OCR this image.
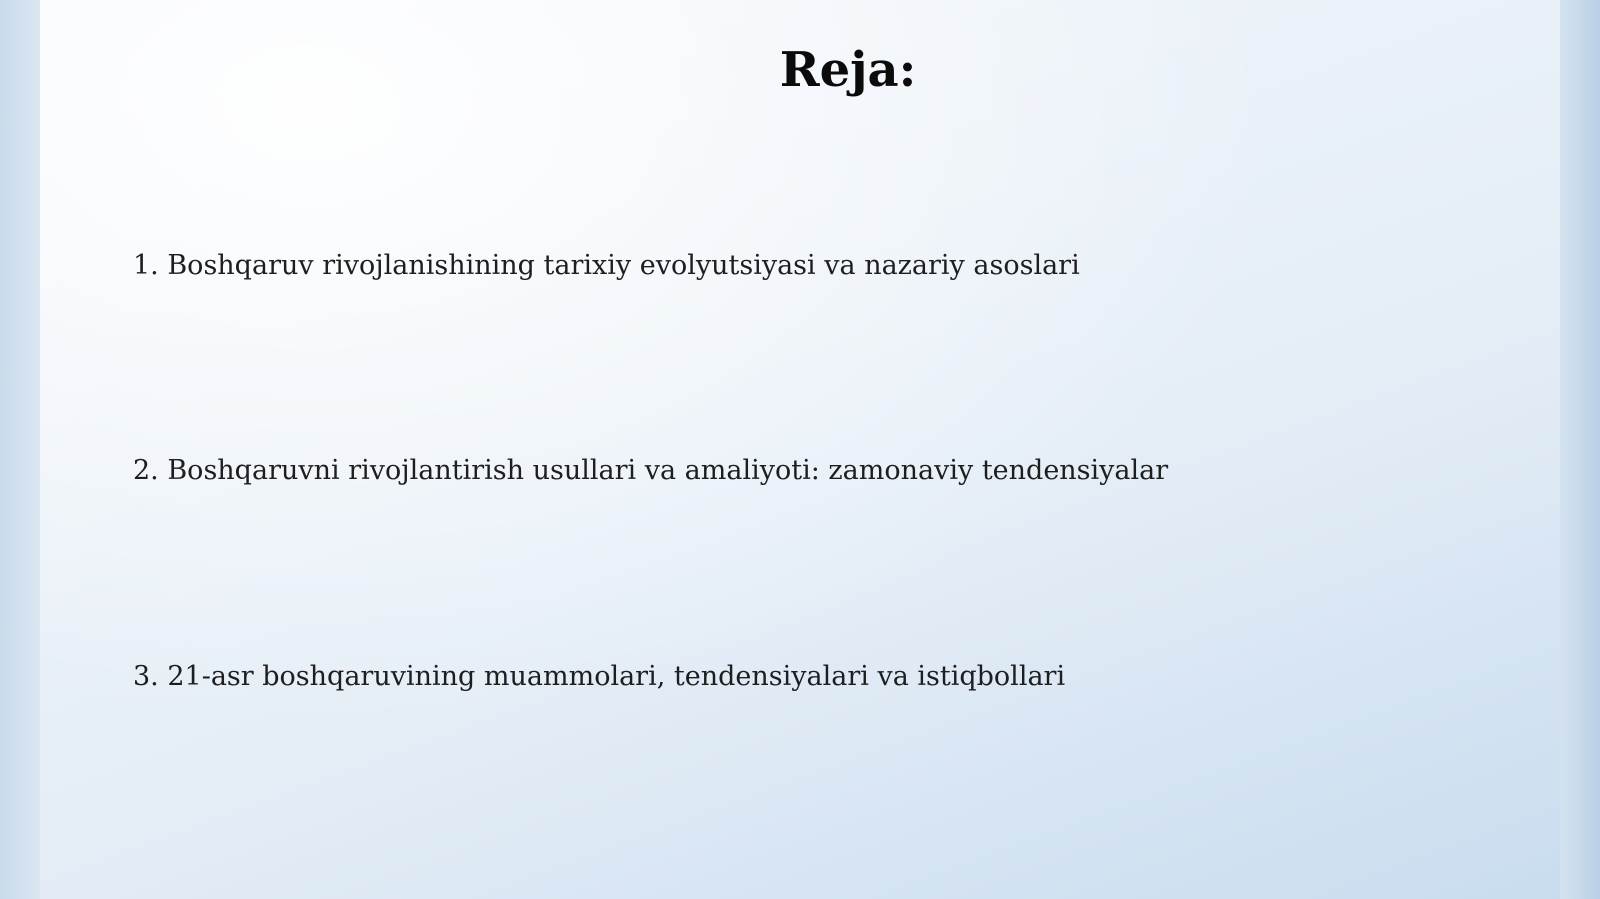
Reja:

1. Boshqaruv rivojlanishining tarixiy evolyutsiyasi va nazariy asoslari

2. Boshqaruvni rivojlantirish usullari va amaliyoti: zamonaviy tendensiyalar

3. 21-asr boshqaruvining muammolari, tendensiyalari va istiqbollari
